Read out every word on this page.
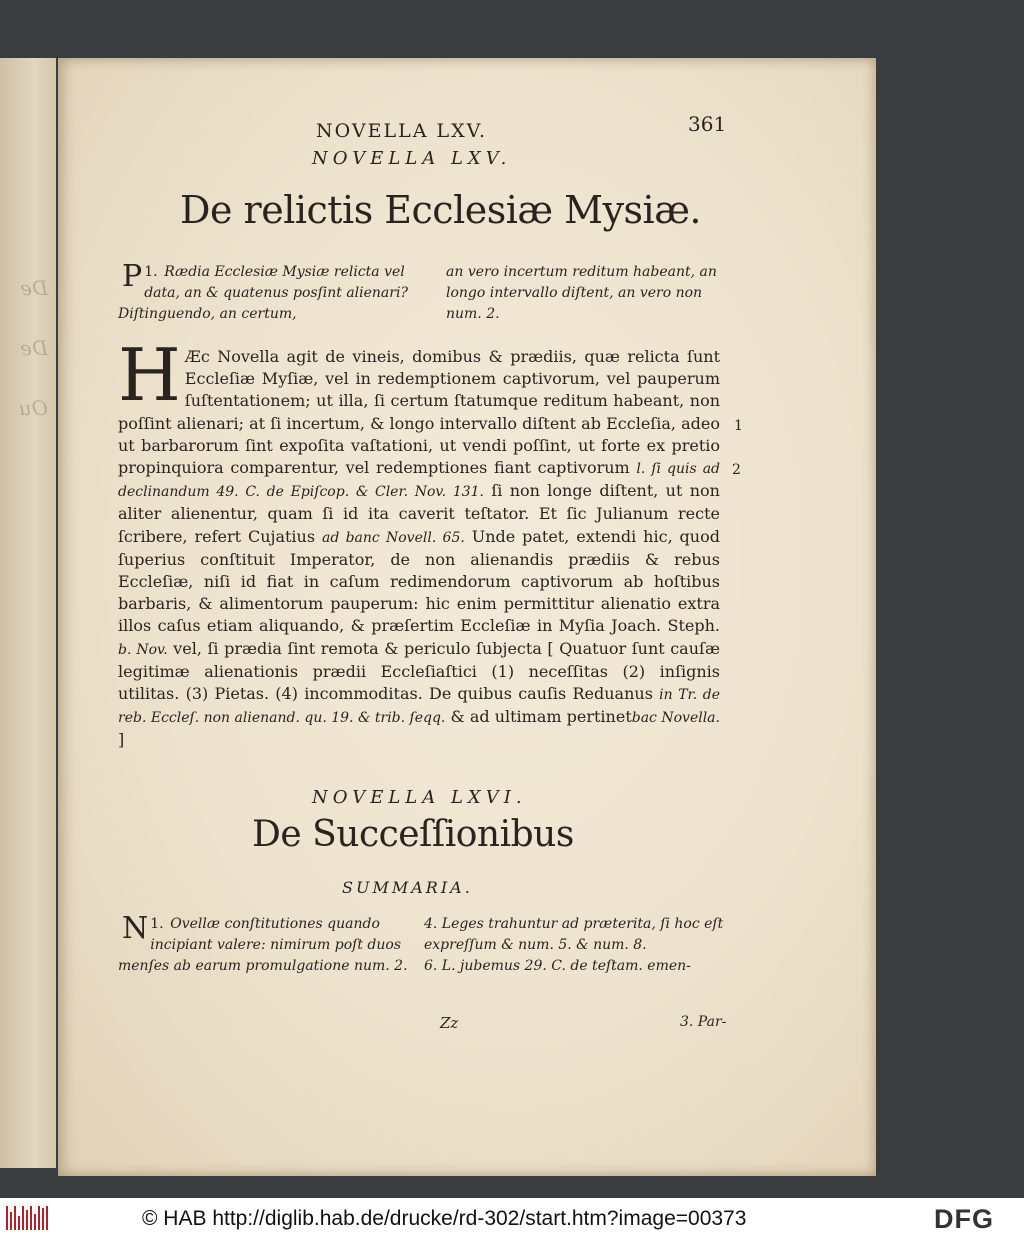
De De Ou
NOVELLA LXV.	361
NOVELLA LXV.
De relictis Ecclesiæ Mysiæ.
1.
P Rædia Ecclesiæ Mysiæ relicta vel data, an & quatenus posſint alienari? Diſtinguendo, an certum,
an vero incertum reditum habeant, an longo intervallo diſtent, an vero non num. 2.
H Æc Novella agit de vineis, domibus & prædiis, quæ relicta ſunt Eccleſiæ Myſiæ, vel in redemptionem captivorum, vel pauperum ſuſtentationem; ut illa, ſi certum ſtatumque reditum habeant, non poſſint alienari; at ſi incertum, & longo intervallo diſtent ab Eccleſia, adeo ut barbarorum ſint expoſita vaſtationi, ut vendi poſſint, ut forte ex pretio propinquiora comparentur, vel redemptiones fiant captivorum l. ſi quis ad declinandum 49. C. de Epiſcop. & Cler. Nov. 131. ſi non longe diſtent, ut non aliter alienentur, quam ſi id ita caverit teſtator. Et ſic Julianum recte ſcribere, refert Cujatius ad banc Novell. 65. Unde patet, extendi hic, quod ſuperius conſtituit Imperator, de non alienandis prædiis & rebus Eccleſiæ, niſi id fiat in caſum redimendorum captivorum ab hoſtibus barbaris, & alimentorum pauperum: hic enim permittitur alienatio extra illos caſus etiam aliquando, & præſertim Eccleſiæ in Myſia Joach. Steph. b. Nov. vel, ſi prædia ſint remota & periculo ſubjecta [ Quatuor ſunt cauſæ legitimæ alienationis prædii Eccleſiaſtici (1) neceſſitas (2) inſignis utilitas. (3) Pietas. (4) incommoditas. De quibus cauſis Reduanus in Tr. de reb. Eccleſ. non alienand. qu. 19. & trib. ſeqq. & ad ultimam pertinetbac Novella. ]
1
2
NOVELLA LXVI.
De Succeſſionibus
SUMMARIA.
1.
N Ovellæ conſtitutiones quando incipiant valere: nimirum poſt duos menſes ab earum promulgatione num. 2.
4. Leges trahuntur ad præterita, ſi hoc eſt expreſſum & num. 5. & num. 8.
6. L. jubemus 29. C. de teſtam. emen-
Zz	3. Par-
© HAB http://diglib.hab.de/drucke/rd-302/start.htm?image=00373	DFG
